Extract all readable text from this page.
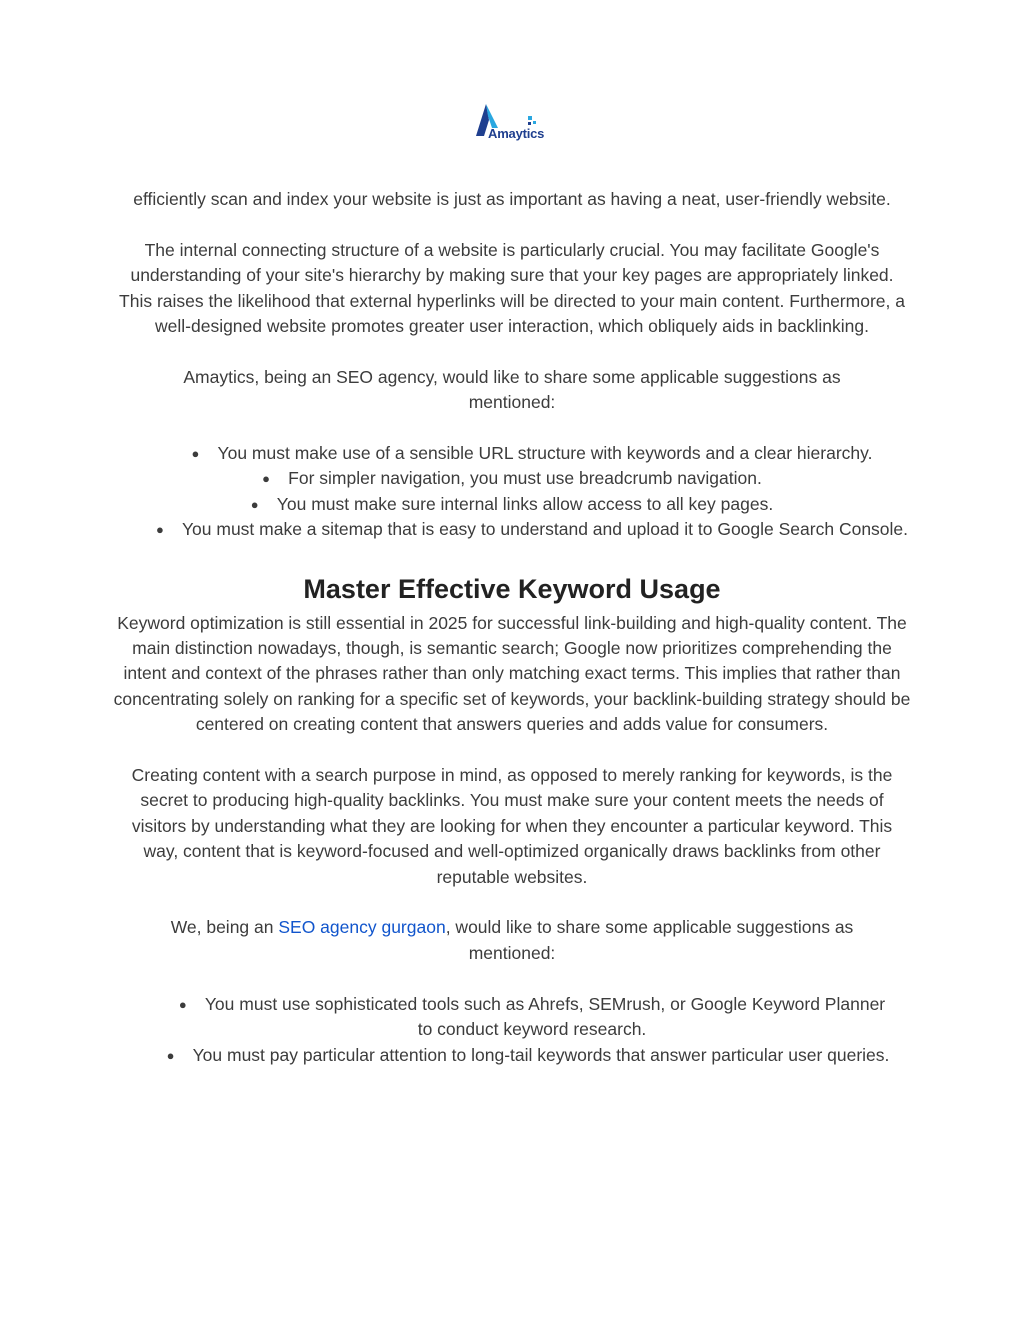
Amaytics

efficiently scan and index your website is just as important as having a neat, user-friendly website.

The internal connecting structure of a website is particularly crucial. You may facilitate Google's understanding of your site's hierarchy by making sure that your key pages are appropriately linked. This raises the likelihood that external hyperlinks will be directed to your main content. Furthermore, a well-designed website promotes greater user interaction, which obliquely aids in backlinking.

Amaytics, being an SEO agency, would like to share some applicable suggestions as mentioned:

● You must make use of a sensible URL structure with keywords and a clear hierarchy.
● For simpler navigation, you must use breadcrumb navigation.
● You must make sure internal links allow access to all key pages.
● You must make a sitemap that is easy to understand and upload it to Google Search Console.
Master Effective Keyword Usage

Keyword optimization is still essential in 2025 for successful link-building and high-quality content. The main distinction nowadays, though, is semantic search; Google now prioritizes comprehending the intent and context of the phrases rather than only matching exact terms. This implies that rather than concentrating solely on ranking for a specific set of keywords, your backlink-building strategy should be centered on creating content that answers queries and adds value for consumers.

Creating content with a search purpose in mind, as opposed to merely ranking for keywords, is the secret to producing high-quality backlinks. You must make sure your content meets the needs of visitors by understanding what they are looking for when they encounter a particular keyword. This way, content that is keyword-focused and well-optimized organically draws backlinks from other reputable websites.

We, being an SEO agency gurgaon, would like to share some applicable suggestions as mentioned:

● You must use sophisticated tools such as Ahrefs, SEMrush, or Google Keyword Planner to conduct keyword research.
● You must pay particular attention to long-tail keywords that answer particular user queries.
